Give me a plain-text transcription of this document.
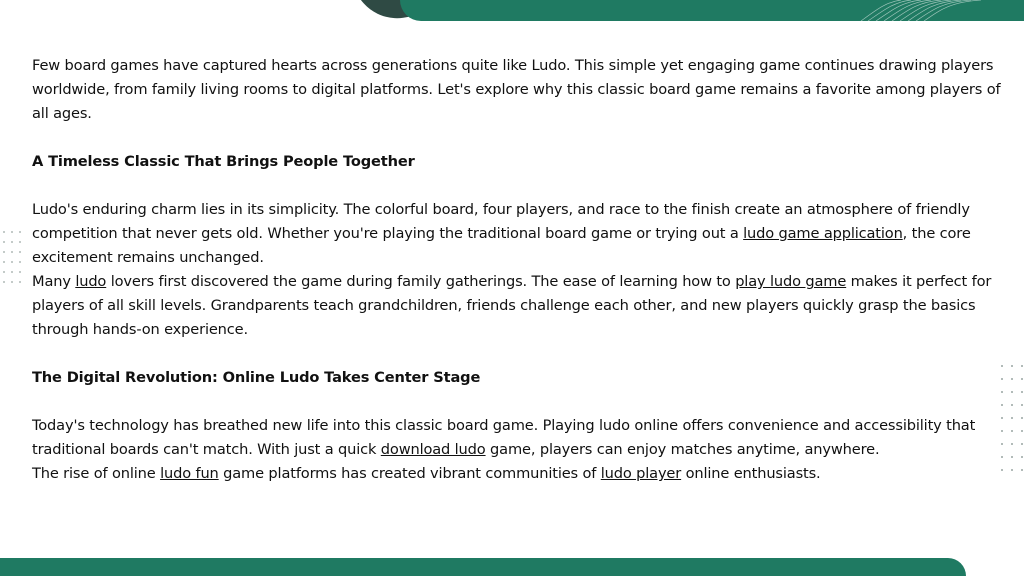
Few board games have captured hearts across generations quite like Ludo. This simple yet engaging game continues drawing players worldwide, from family living rooms to digital platforms. Let's explore why this classic board game remains a favorite among players of all ages.

A Timeless Classic That Brings People Together

Ludo's enduring charm lies in its simplicity. The colorful board, four players, and race to the finish create an atmosphere of friendly competition that never gets old. Whether you're playing the traditional board game or trying out a ludo game application, the core excitement remains unchanged.

Many ludo lovers first discovered the game during family gatherings. The ease of learning how to play ludo game makes it perfect for players of all skill levels. Grandparents teach grandchildren, friends challenge each other, and new players quickly grasp the basics through hands-on experience.

The Digital Revolution: Online Ludo Takes Center Stage

Today's technology has breathed new life into this classic board game. Playing ludo online offers convenience and accessibility that traditional boards can't match. With just a quick download ludo game, players can enjoy matches anytime, anywhere.

The rise of online ludo fun game platforms has created vibrant communities of ludo player online enthusiasts.
